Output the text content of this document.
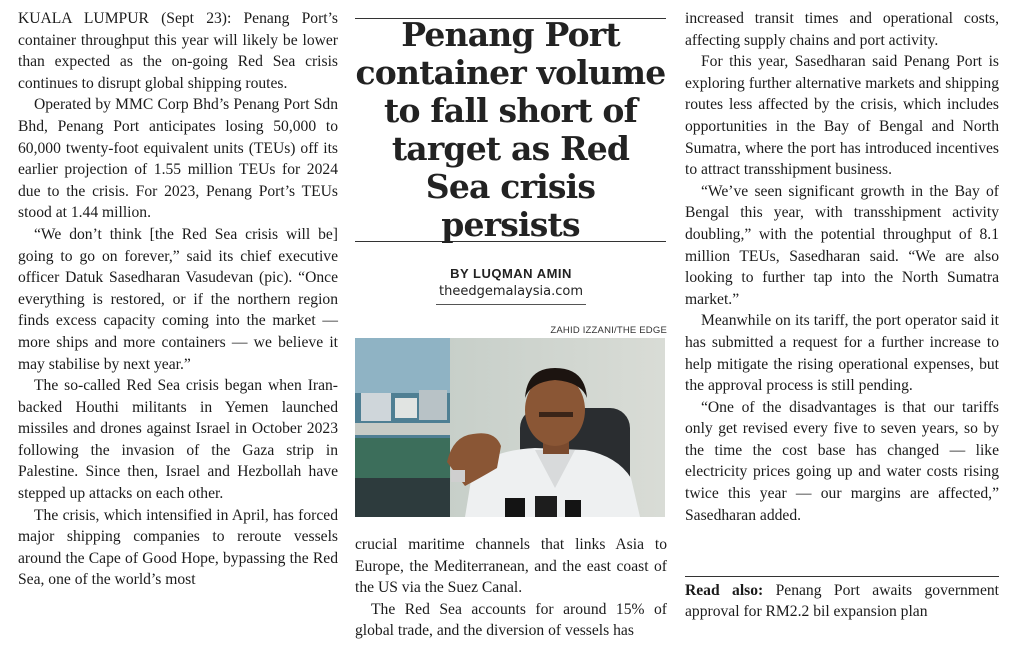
KUALA LUMPUR (Sept 23): Penang Port’s container throughput this year will likely be lower than expected as the on-going Red Sea crisis continues to disrupt global shipping routes.

Operated by MMC Corp Bhd’s Penang Port Sdn Bhd, Penang Port anticipates losing 50,000 to 60,000 twenty-foot equivalent units (TEUs) off its earlier projection of 1.55 million TEUs for 2024 due to the crisis. For 2023, Penang Port’s TEUs stood at 1.44 million.

“We don’t think [the Red Sea crisis will be] going to go on forever,” said its chief executive officer Datuk Sasedharan Vasudevan (pic). “Once everything is restored, or if the northern region finds excess capacity coming into the market — more ships and more containers — we believe it may stabilise by next year.”

The so-called Red Sea crisis began when Iran-backed Houthi militants in Yemen launched missiles and drones against Israel in October 2023 following the invasion of the Gaza strip in Palestine. Since then, Israel and Hezbollah have stepped up attacks on each other.

The crisis, which intensified in April, has forced major shipping companies to reroute vessels around the Cape of Good Hope, bypassing the Red Sea, one of the world’s most

Penang Port container volume to fall short of target as Red Sea crisis persists
BY LUQMAN AMIN
theedgemalaysia.com
ZAHID IZZANI/THE EDGE

crucial maritime channels that links Asia to Europe, the Mediterranean, and the east coast of the US via the Suez Canal.

The Red Sea accounts for around 15% of global trade, and the diversion of vessels has

increased transit times and operational costs, affecting supply chains and port activity.

For this year, Sasedharan said Penang Port is exploring further alternative markets and shipping routes less affected by the crisis, which includes opportunities in the Bay of Bengal and North Sumatra, where the port has introduced incentives to attract transshipment business.

“We’ve seen significant growth in the Bay of Bengal this year, with transshipment activity doubling,” with the potential throughput of 8.1 million TEUs, Sasedharan said. “We are also looking to further tap into the North Sumatra market.”

Meanwhile on its tariff, the port operator said it has submitted a request for a further increase to help mitigate the rising operational expenses, but the approval process is still pending.

“One of the disadvantages is that our tariffs only get revised every five to seven years, so by the time the cost base has changed — like electricity prices going up and water costs rising twice this year — our margins are affected,” Sasedharan added.

Read also: Penang Port awaits government approval for RM2.2 bil expansion plan
